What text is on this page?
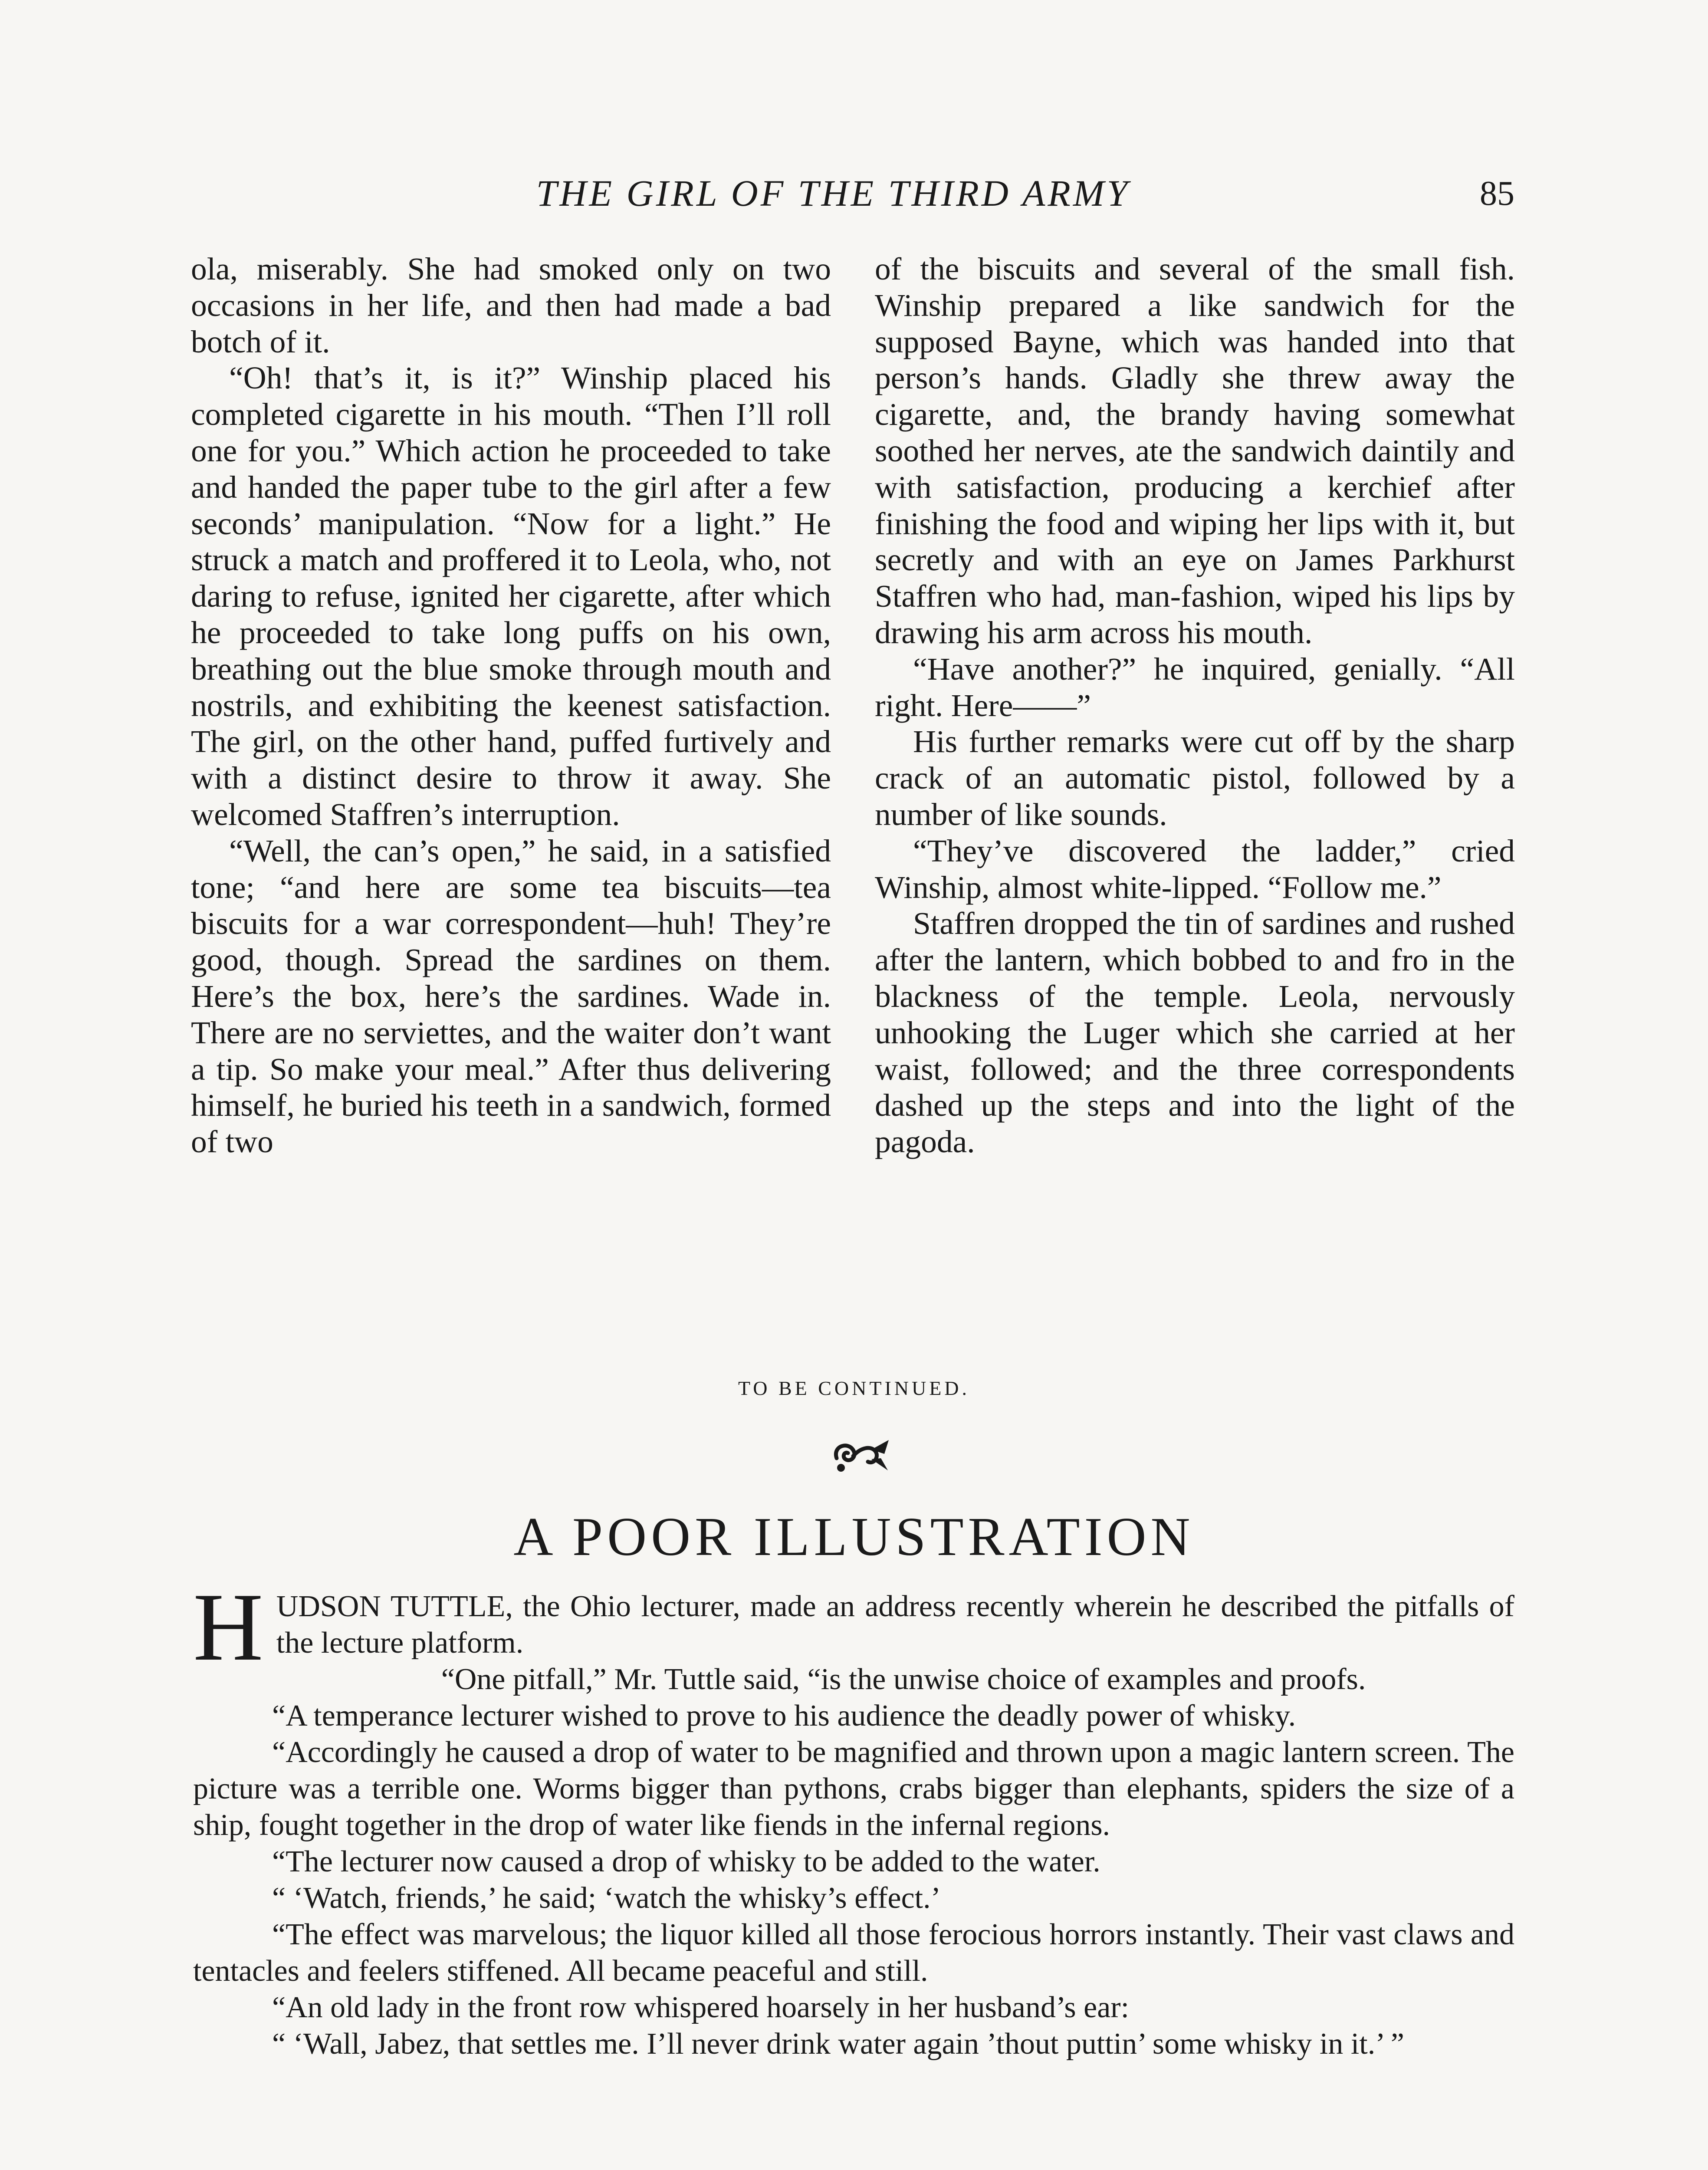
THE GIRL OF THE THIRD ARMY	85

ola, miserably. She had smoked only on two occasions in her life, and then had made a bad botch of it.

“Oh! that’s it, is it?” Winship placed his completed cigarette in his mouth. “Then I’ll roll one for you.” Which action he proceeded to take and handed the paper tube to the girl after a few seconds’ manipulation. “Now for a light.” He struck a match and proffered it to Leola, who, not daring to refuse, ignited her cigarette, after which he proceeded to take long puffs on his own, breathing out the blue smoke through mouth and nostrils, and exhibiting the keenest satisfaction. The girl, on the other hand, puffed furtively and with a distinct desire to throw it away. She welcomed Staffren’s interruption.

“Well, the can’s open,” he said, in a satisfied tone; “and here are some tea biscuits—tea biscuits for a war correspondent—huh! They’re good, though. Spread the sardines on them. Here’s the box, here’s the sardines. Wade in. There are no serviettes, and the waiter don’t want a tip. So make your meal.” After thus delivering himself, he buried his teeth in a sandwich, formed of two

of the biscuits and several of the small fish. Winship prepared a like sandwich for the supposed Bayne, which was handed into that person’s hands. Gladly she threw away the cigarette, and, the brandy having somewhat soothed her nerves, ate the sandwich daintily and with satisfaction, producing a kerchief after finishing the food and wiping her lips with it, but secretly and with an eye on James Parkhurst Staffren who had, man-fashion, wiped his lips by drawing his arm across his mouth.

“Have another?” he inquired, genially. “All right. Here——”

His further remarks were cut off by the sharp crack of an automatic pistol, followed by a number of like sounds.

“They’ve discovered the ladder,” cried Winship, almost white-lipped. “Follow me.”

Staffren dropped the tin of sardines and rushed after the lantern, which bobbed to and fro in the blackness of the temple. Leola, nervously unhooking the Luger which she carried at her waist, followed; and the three correspondents dashed up the steps and into the light of the pagoda.

TO BE CONTINUED.
A POOR ILLUSTRATION

H UDSON TUTTLE, the Ohio lecturer, made an address recently wherein he described the pitfalls of the lecture platform.

“One pitfall,” Mr. Tuttle said, “is the unwise choice of examples and proofs.

“A temperance lecturer wished to prove to his audience the deadly power of whisky.

“Accordingly he caused a drop of water to be magnified and thrown upon a magic lantern screen. The picture was a terrible one. Worms bigger than pythons, crabs bigger than elephants, spiders the size of a ship, fought together in the drop of water like fiends in the infernal regions.

“The lecturer now caused a drop of whisky to be added to the water.

“ ‘Watch, friends,’ he said; ‘watch the whisky’s effect.’

“The effect was marvelous; the liquor killed all those ferocious horrors instantly. Their vast claws and tentacles and feelers stiffened. All became peaceful and still.

“An old lady in the front row whispered hoarsely in her husband’s ear:

“ ‘Wall, Jabez, that settles me. I’ll never drink water again ’thout puttin’ some whisky in it.’ ”
